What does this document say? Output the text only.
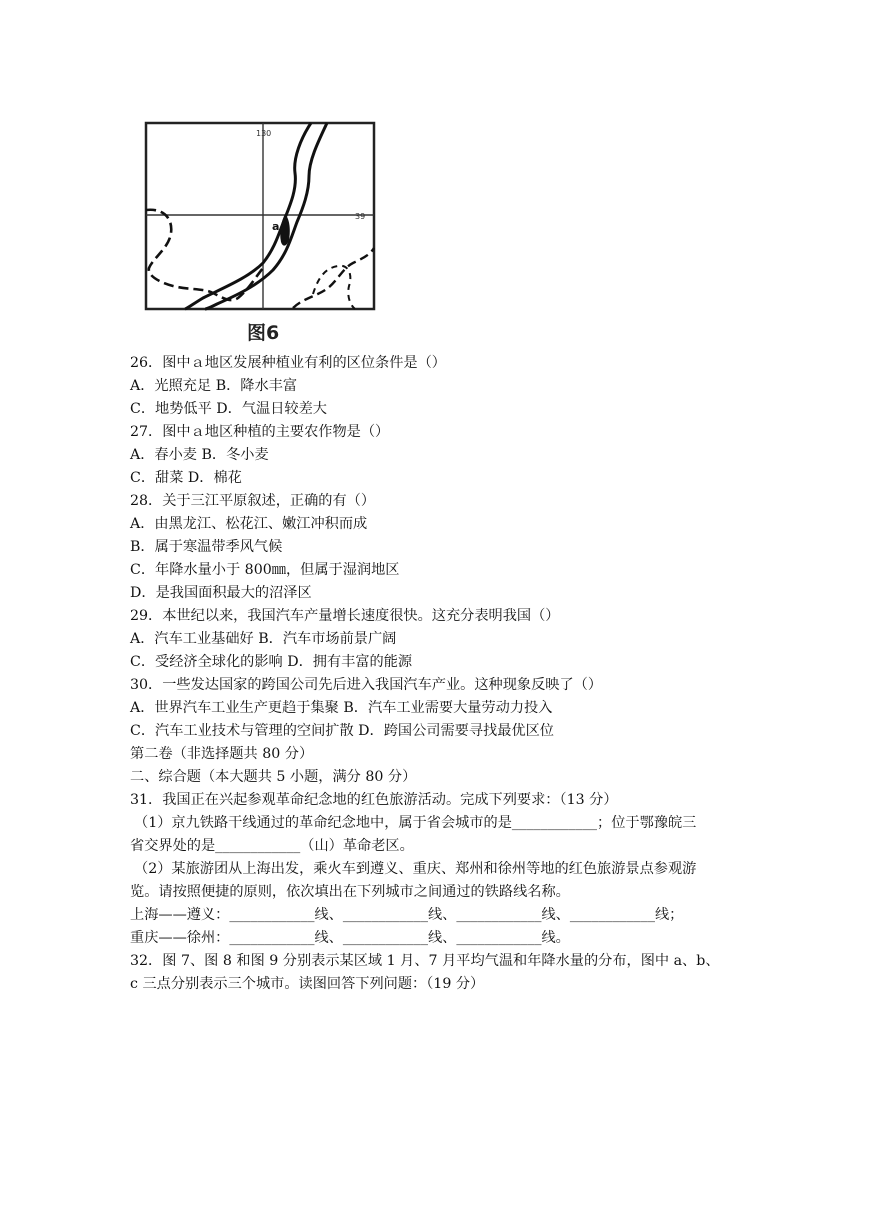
130
39
a
图6
26．图中ａ地区发展种植业有利的区位条件是（）
A．光照充足 B．降水丰富
C．地势低平 D．气温日较差大
27．图中ａ地区种植的主要农作物是（）
A．春小麦 B．冬小麦
C．甜菜 D．棉花
28．关于三江平原叙述，正确的有（）
A．由黑龙江、松花江、嫩江冲积而成
B．属于寒温带季风气候
C．年降水量小于 800㎜，但属于湿润地区
D．是我国面积最大的沼泽区
29．本世纪以来，我国汽车产量增长速度很快。这充分表明我国（）
A．汽车工业基础好 B．汽车市场前景广阔
C．受经济全球化的影响 D．拥有丰富的能源
30．一些发达国家的跨国公司先后进入我国汽车产业。这种现象反映了（）
A．世界汽车工业生产更趋于集聚 B．汽车工业需要大量劳动力投入
C．汽车工业技术与管理的空间扩散 D．跨国公司需要寻找最优区位
第二卷（非选择题共 80 分）
二、综合题（本大题共 5 小题，满分 80 分）
31．我国正在兴起参观革命纪念地的红色旅游活动。完成下列要求：（13 分）
（1）京九铁路干线通过的革命纪念地中，属于省会城市的是____________；位于鄂豫皖三
省交界处的是____________（山）革命老区。
（2）某旅游团从上海出发，乘火车到遵义、重庆、郑州和徐州等地的红色旅游景点参观游
览。请按照便捷的原则，依次填出在下列城市之间通过的铁路线名称。
上海——遵义：____________线、____________线、____________线、____________线；
重庆——徐州：____________线、____________线、____________线。
32．图 7、图 8 和图 9 分别表示某区域 1 月、7 月平均气温和年降水量的分布，图中 a、b、
c 三点分别表示三个城市。读图回答下列问题：（19 分）
